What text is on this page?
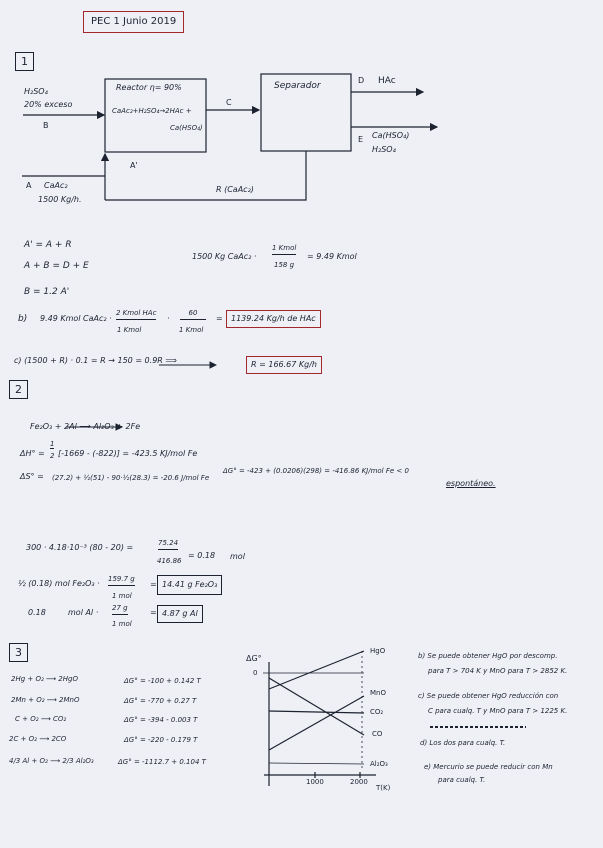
PEC 1 Junio 2019
1
H₂SO₄
20% exceso
B
Reactor η= 90%
CaAc₂+H₂SO₄→2HAc +
Ca(HSO₄)
C
Separador
D HAc
E Ca(HSO₄)
H₂SO₄
A'
A CaAc₂
1500 Kg/h.
R (CaAc₂)
A' = A + R
A + B = D + E
B = 1.2 A'
1500 Kg CaAc₂ ·
1 Kmol
158 g
= 9.49 Kmol
b) 9.49 Kmol CaAc₂ ·
2 Kmol HAc
1 Kmol
·
60
1 Kmol
=	1139.24 Kg/h de HAc
c) (1500 + R) · 0.1 = R → 150 = 0.9R ⟹	R = 166.67 Kg/h
2
Fe₂O₃ + 2Al ⟶ Al₂O₃ + 2Fe
ΔH° =
1
2 [-1669 - (-822)] = -423.5 KJ/mol Fe
ΔS° = (27.2) + ½(51) - 90·½(28.3) = -20.6 J/mol Fe
ΔG° = -423 + (0.0206)(298) = -416.86 KJ/mol Fe < 0
espontáneo.
300 · 4.18·10⁻³ (80 - 20) =	75.24
416.86
= 0.18 mol
½ (0.18) mol Fe₂O₃ · 159.7 g
1 mol
= 14.41 g Fe₂O₃
0.18	mol Al · 27 g
1 mol
= 4.87 g Al
3
2Hg + O₂ ⟶ 2HgO	ΔG° = -100 + 0.142 T
2Mn + O₂ ⟶ 2MnO	ΔG° = -770 + 0.27 T
C + O₂ ⟶ CO₂	ΔG° = -394 - 0.003 T
2C + O₂ ⟶ 2CO	ΔG° = -220 - 0.179 T
4/3 Al + O₂ ⟶ 2/3 Al₂O₃	ΔG° = -1112.7 + 0.104 T
ΔG°
0
HgO
MnO
CO₂
CO
Al₂O₃
1000	2000
T(K)
b) Se puede obtener HgO por descomp.
para T > 704 K y MnO para T > 2852 K.
c) Se puede obtener HgO reducción con
C para cualq. T y MnO para T > 1225 K.
d) Los dos para cualq. T.
e) Mercurio se puede reducir con Mn
para cualq. T.
